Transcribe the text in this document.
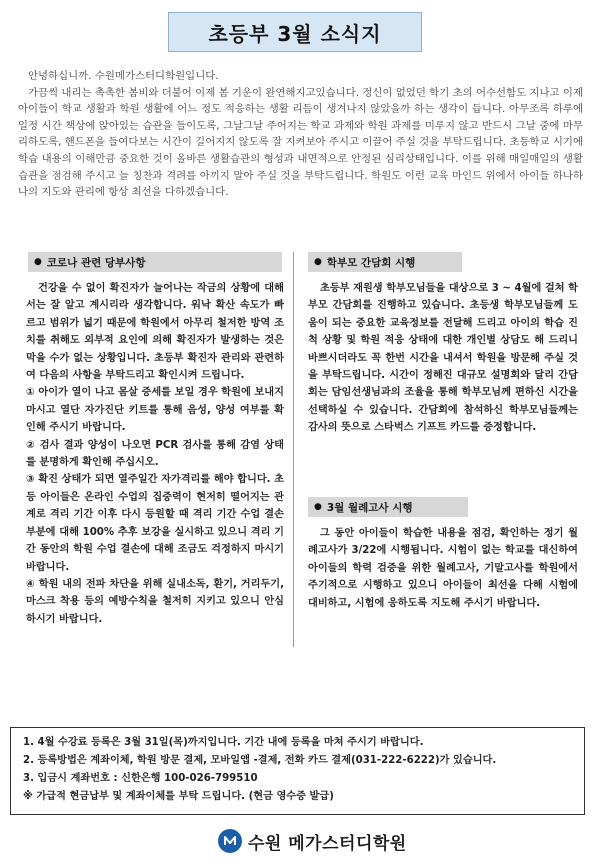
초등부 3월 소식지

안녕하십니까. 수원메가스터디학원입니다.

가끔씩 내리는 촉촉한 봄비와 더불어 이제 봄 기운이 완연해지고있습니다. 정신이 없었던 학기 초의 어수선함도 지나고 이제 아이들이 학교 생활과 학원 생활에 어느 정도 적응하는 생활 리듬이 생겨나지 않았을까 하는 생각이 듭니다. 아무조록 하루에 일정 시간 책상에 앉아있는 습관을 들이도록, 그날그날 주어지는 학교 과제와 학원 과제를 미루지 않고 반드시 그날 중에 마무리하도록, 핸드폰을 들여다보는 시간이 길어지지 않도록 잘 지켜보아 주시고 이끌어 주실 것을 부탁드립니다. 초등학교 시기에 학습 내용의 이해만큼 중요한 것이 올바른 생활습관의 형성과 내면적으로 안정된 심리상태입니다. 이를 위해 매일매일의 생활 습관을 점검해 주시고 늘 칭찬과 격려를 아끼지 말아 주실 것을 부탁드립니다. 학원도 이런 교육 마인드 위에서 아이들 하나하나의 지도와 관리에 항상 최선을 다하겠습니다.

● 코로나 관련 당부사항

건강을 수 없이 확진자가 늘어나는 작금의 상황에 대해서는 잘 알고 계시리라 생각합니다. 워낙 확산 속도가 빠르고 범위가 넓기 때문에 학원에서 아무리 철저한 방역 조치를 취해도 외부적 요인에 의해 확진자가 발생하는 것은 막을 수가 없는 상황입니다. 초등부 확진자 관리와 관련하여 다음의 사항을 부탁드리고 확인시켜 드립니다.

① 아이가 열이 나고 몸살 증세를 보일 경우 학원에 보내지 마시고 열단 자가진단 키트를 통해 음성, 양성 여부를 확인해 주시기 바랍니다.

② 검사 결과 양성이 나오면 PCR 검사를 통해 감염 상태를 분명하게 확인해 주십시오.

③ 확진 상태가 되면 열주일간 자가격리를 해야 합니다. 초등 아이들은 온라인 수업의 집중력이 현저히 떨어지는 관계로 격리 기간 이후 다시 등원할 때 격리 기간 수업 결손 부분에 대해 100% 추후 보강을 실시하고 있으니 격리 기간 동안의 학원 수업 결손에 대해 조금도 걱정하지 마시기 바랍니다.

④ 학원 내의 전파 차단을 위해 실내소독, 환기, 거리두기, 마스크 착용 등의 예방수칙을 철저히 지키고 있으니 안심하시기 바랍니다.

● 학부모 간담회 시행

초등부 재원생 학부모님들을 대상으로 3 ~ 4월에 걸쳐 학부모 간담회를 진행하고 있습니다. 초등생 학부모님들께 도움이 되는 중요한 교육정보를 전달해 드리고 아이의 학습 진척 상황 및 학원 적응 상태에 대한 개인별 상담도 해 드리니 바쁘시더라도 꼭 한번 시간을 내셔서 학원을 방문해 주실 것을 부탁드립니다. 시간이 정해진 대규모 설명회와 달리 간담회는 담임선생님과의 조율을 통해 학부모님께 편하신 시간을 선택하실 수 있습니다. 간담회에 참석하신 학부모님들께는 감사의 뜻으로 스타벅스 기프트 카드를 증정합니다.

● 3월 월례고사 시행

그 동안 아이들이 학습한 내용을 점검, 확인하는 정기 월례고사가 3/22에 시행됩니다. 시험이 없는 학교를 대신하여 아이들의 학력 검증을 위한 월례고사, 기말고사를 학원에서 주기적으로 시행하고 있으니 아이들이 최선을 다해 시험에 대비하고, 시험에 응하도록 지도해 주시기 바랍니다.

1. 4월 수강료 등록은 3월 31일(목)까지입니다. 기간 내에 등록을 마쳐 주시기 바랍니다.

2. 등록방법은 계좌이체, 학원 방문 결제, 모바일앱 -결제, 전화 카드 결제(031-222-6222)가 있습니다.

3. 입금시 계좌번호 : 신한은행 100-026-799510

※ 가급적 현금납부 및 계좌이체를 부탁 드립니다. (현금 영수증 발급)

수원 메가스터디학원
